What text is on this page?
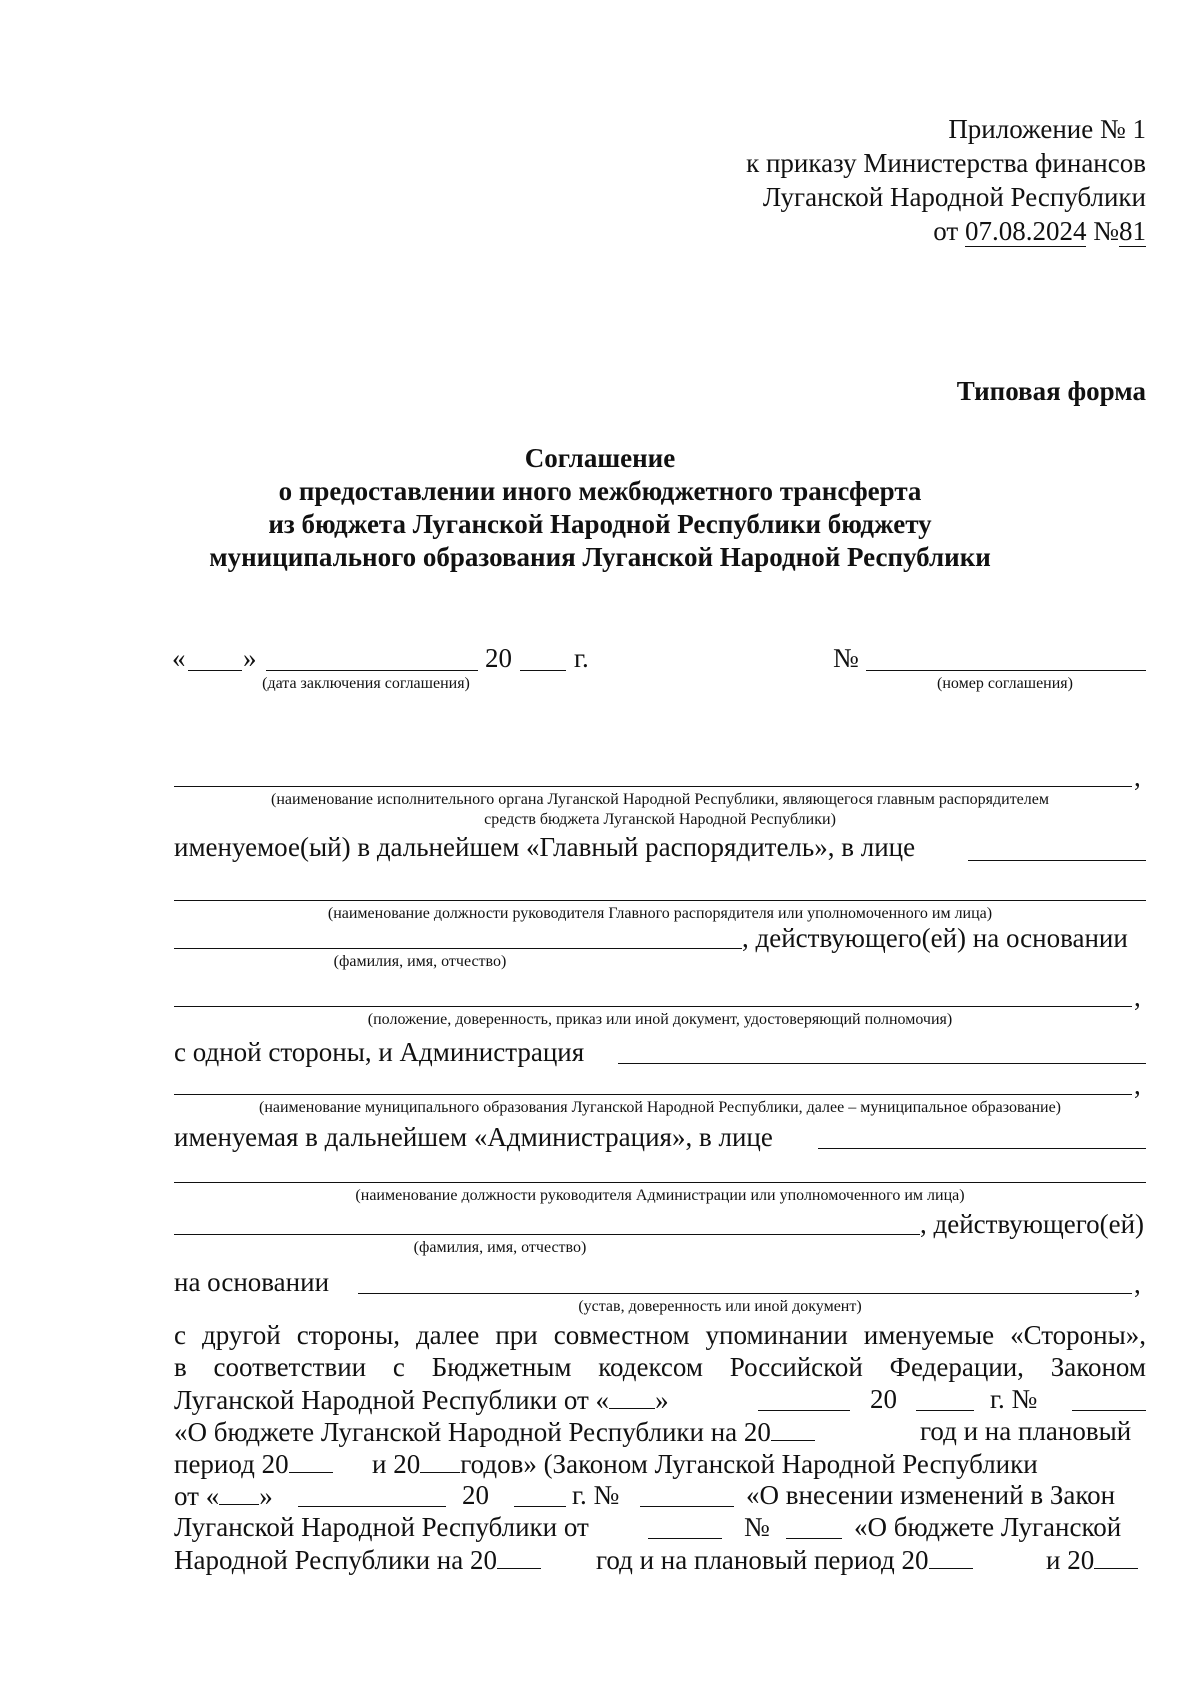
Приложение № 1
к приказу Министерства финансов
Луганской Народной Республики
от 07.08.2024 №81
Типовая форма
Соглашение
о предоставлении иного межбюджетного трансферта
из бюджета Луганской Народной Республики бюджету
муниципального образования Луганской Народной Республики
« »	20 г.
(дата заключения соглашения)
№
(номер соглашения)
,
(наименование исполнительного органа Луганской Народной Республики, являющегося главным распорядителем
средств бюджета Луганской Народной Республики)
именуемое(ый) в дальнейшем «Главный распорядитель», в лице
(наименование должности руководителя Главного распорядителя или уполномоченного им лица)
, действующего(ей) на основании
(фамилия, имя, отчество)
,
(положение, доверенность, приказ или иной документ, удостоверяющий полномочия)
с одной стороны, и Администрация
,
(наименование муниципального образования Луганской Народной Республики, далее – муниципальное образование)
именуемая в дальнейшем «Администрация», в лице
(наименование должности руководителя Администрации или уполномоченного им лица)
, действующего(ей)
(фамилия, имя, отчество)
на основании	,
(устав, доверенность или иной документ)
с другой стороны, далее при совместном упоминании именуемые «Стороны»,
в соответствии с Бюджетным кодексом Российской Федерации, Законом
Луганской Народной Республики от « »	20	г. №
«О бюджете Луганской Народной Республики на 20	год и на плановый
период 20	и 20 годов» (Законом Луганской Народной Республики
от « »	20	г. №	«О внесении изменений в Закон
Луганской Народной Республики от	№	«О бюджете Луганской
Народной Республики на 20	год и на плановый период 20	и 20
